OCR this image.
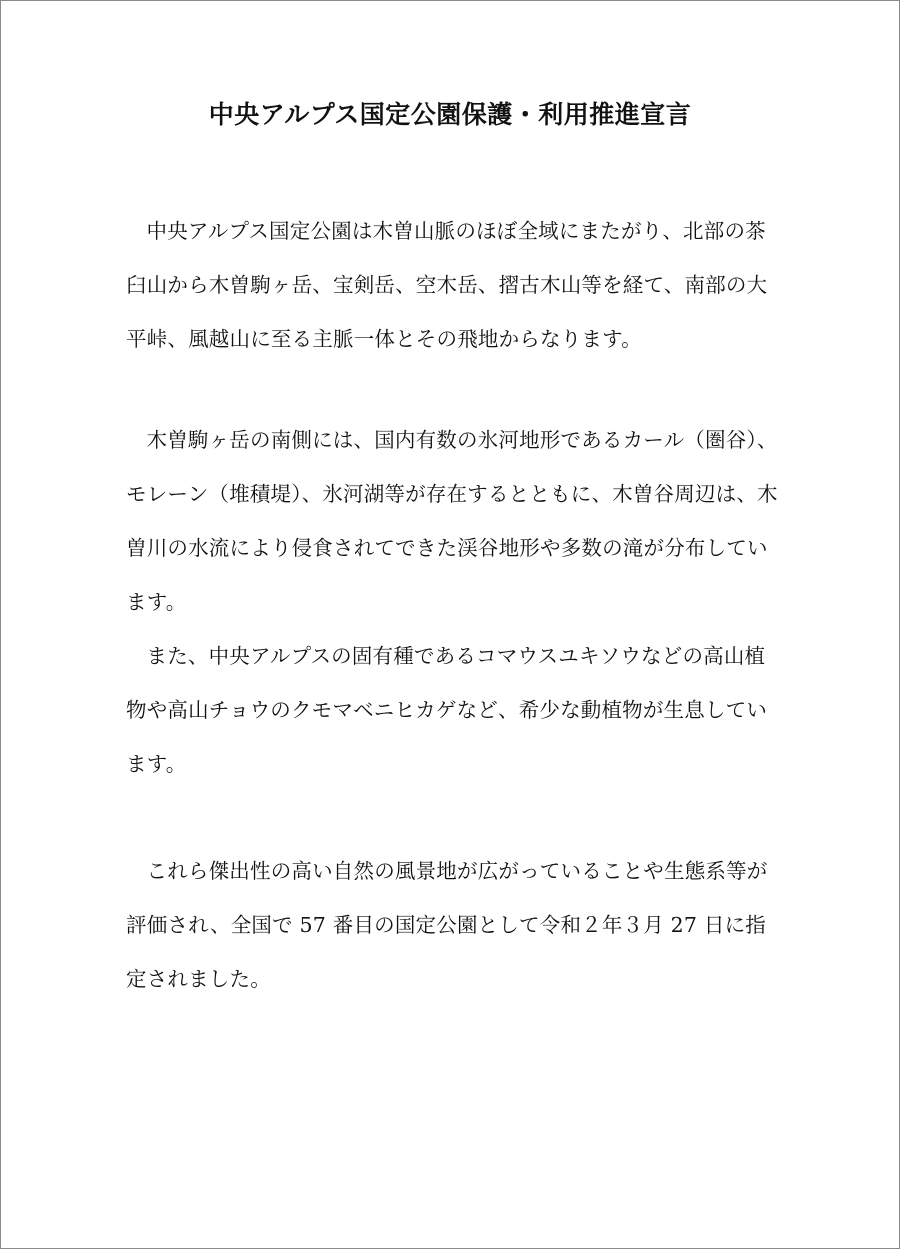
中央アルプス国定公園保護・利用推進宣言

中央アルプス国定公園は木曽山脈のほぼ全域にまたがり、北部の茶臼山から木曽駒ヶ岳、宝剣岳、空木岳、摺古木山等を経て、南部の大平峠、風越山に至る主脈一体とその飛地からなります。

木曽駒ヶ岳の南側には、国内有数の氷河地形であるカール（圏谷）、モレーン（堆積堤）、氷河湖等が存在するとともに、木曽谷周辺は、木曽川の水流により侵食されてできた渓谷地形や多数の滝が分布しています。

また、中央アルプスの固有種であるコマウスユキソウなどの高山植物や高山チョウのクモマベニヒカゲなど、希少な動植物が生息しています。

これら傑出性の高い自然の風景地が広がっていることや生態系等が評価され、全国で 57 番目の国定公園として令和２年３月 27 日に指定されました。
